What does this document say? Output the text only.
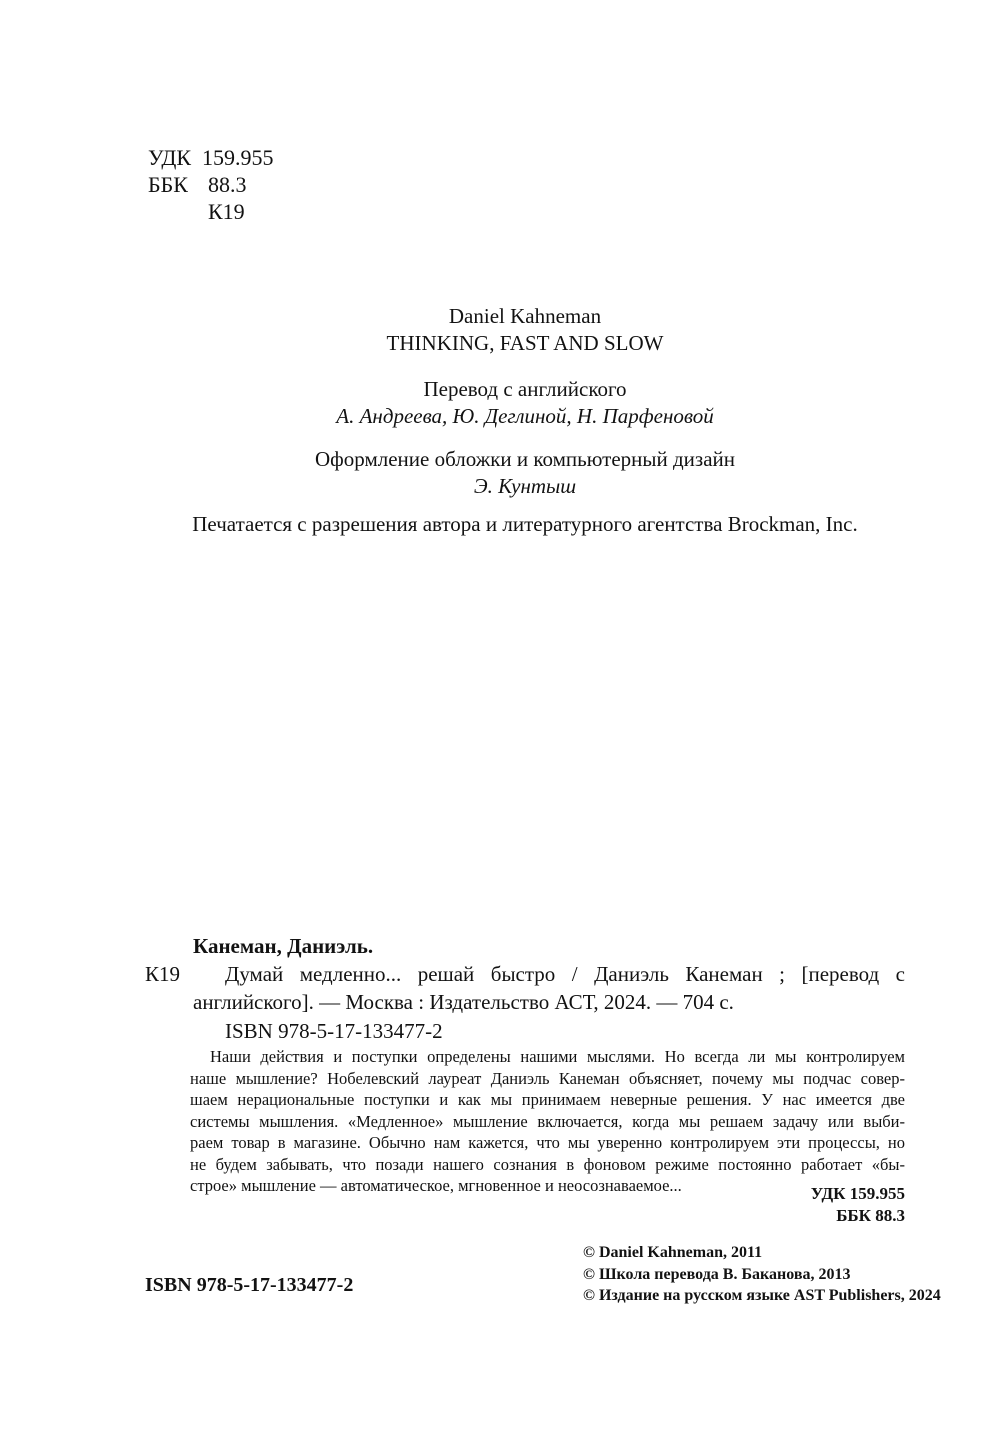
УДК 159.955
ББК 88.3
К19
Daniel Kahneman
THINKING, FAST AND SLOW
Перевод с английского
А. Андреева, Ю. Деглиной, Н. Парфеновой
Оформление обложки и компьютерный дизайн
Э. Кунтыш
Печатается с разрешения автора и литературного агентства Brockman, Inc.
Канеман, Даниэль.
К19 Думай медленно... решай быстро / Даниэль Канеман ; [перевод с
английского]. — Москва : Издательство АСТ, 2024. — 704 с.
ISBN 978-5-17-133477-2
Наши действия и поступки определены нашими мыслями. Но всегда ли мы контролируем
наше мышление? Нобелевский лауреат Даниэль Канеман объясняет, почему мы подчас совер-
шаем нерациональные поступки и как мы принимаем неверные решения. У нас имеется две
системы мышления. «Медленное» мышление включается, когда мы решаем задачу или выби-
раем товар в магазине. Обычно нам кажется, что мы уверенно контролируем эти процессы, но
не будем забывать, что позади нашего сознания в фоновом режиме постоянно работает «бы-
строе» мышление — автоматическое, мгновенное и неосознаваемое...	УДК 159.955
ББК 88.3
ISBN 978-5-17-133477-2
© Daniel Kahneman, 2011
© Школа перевода В. Баканова, 2013
© Издание на русском языке AST Publishers, 2024
